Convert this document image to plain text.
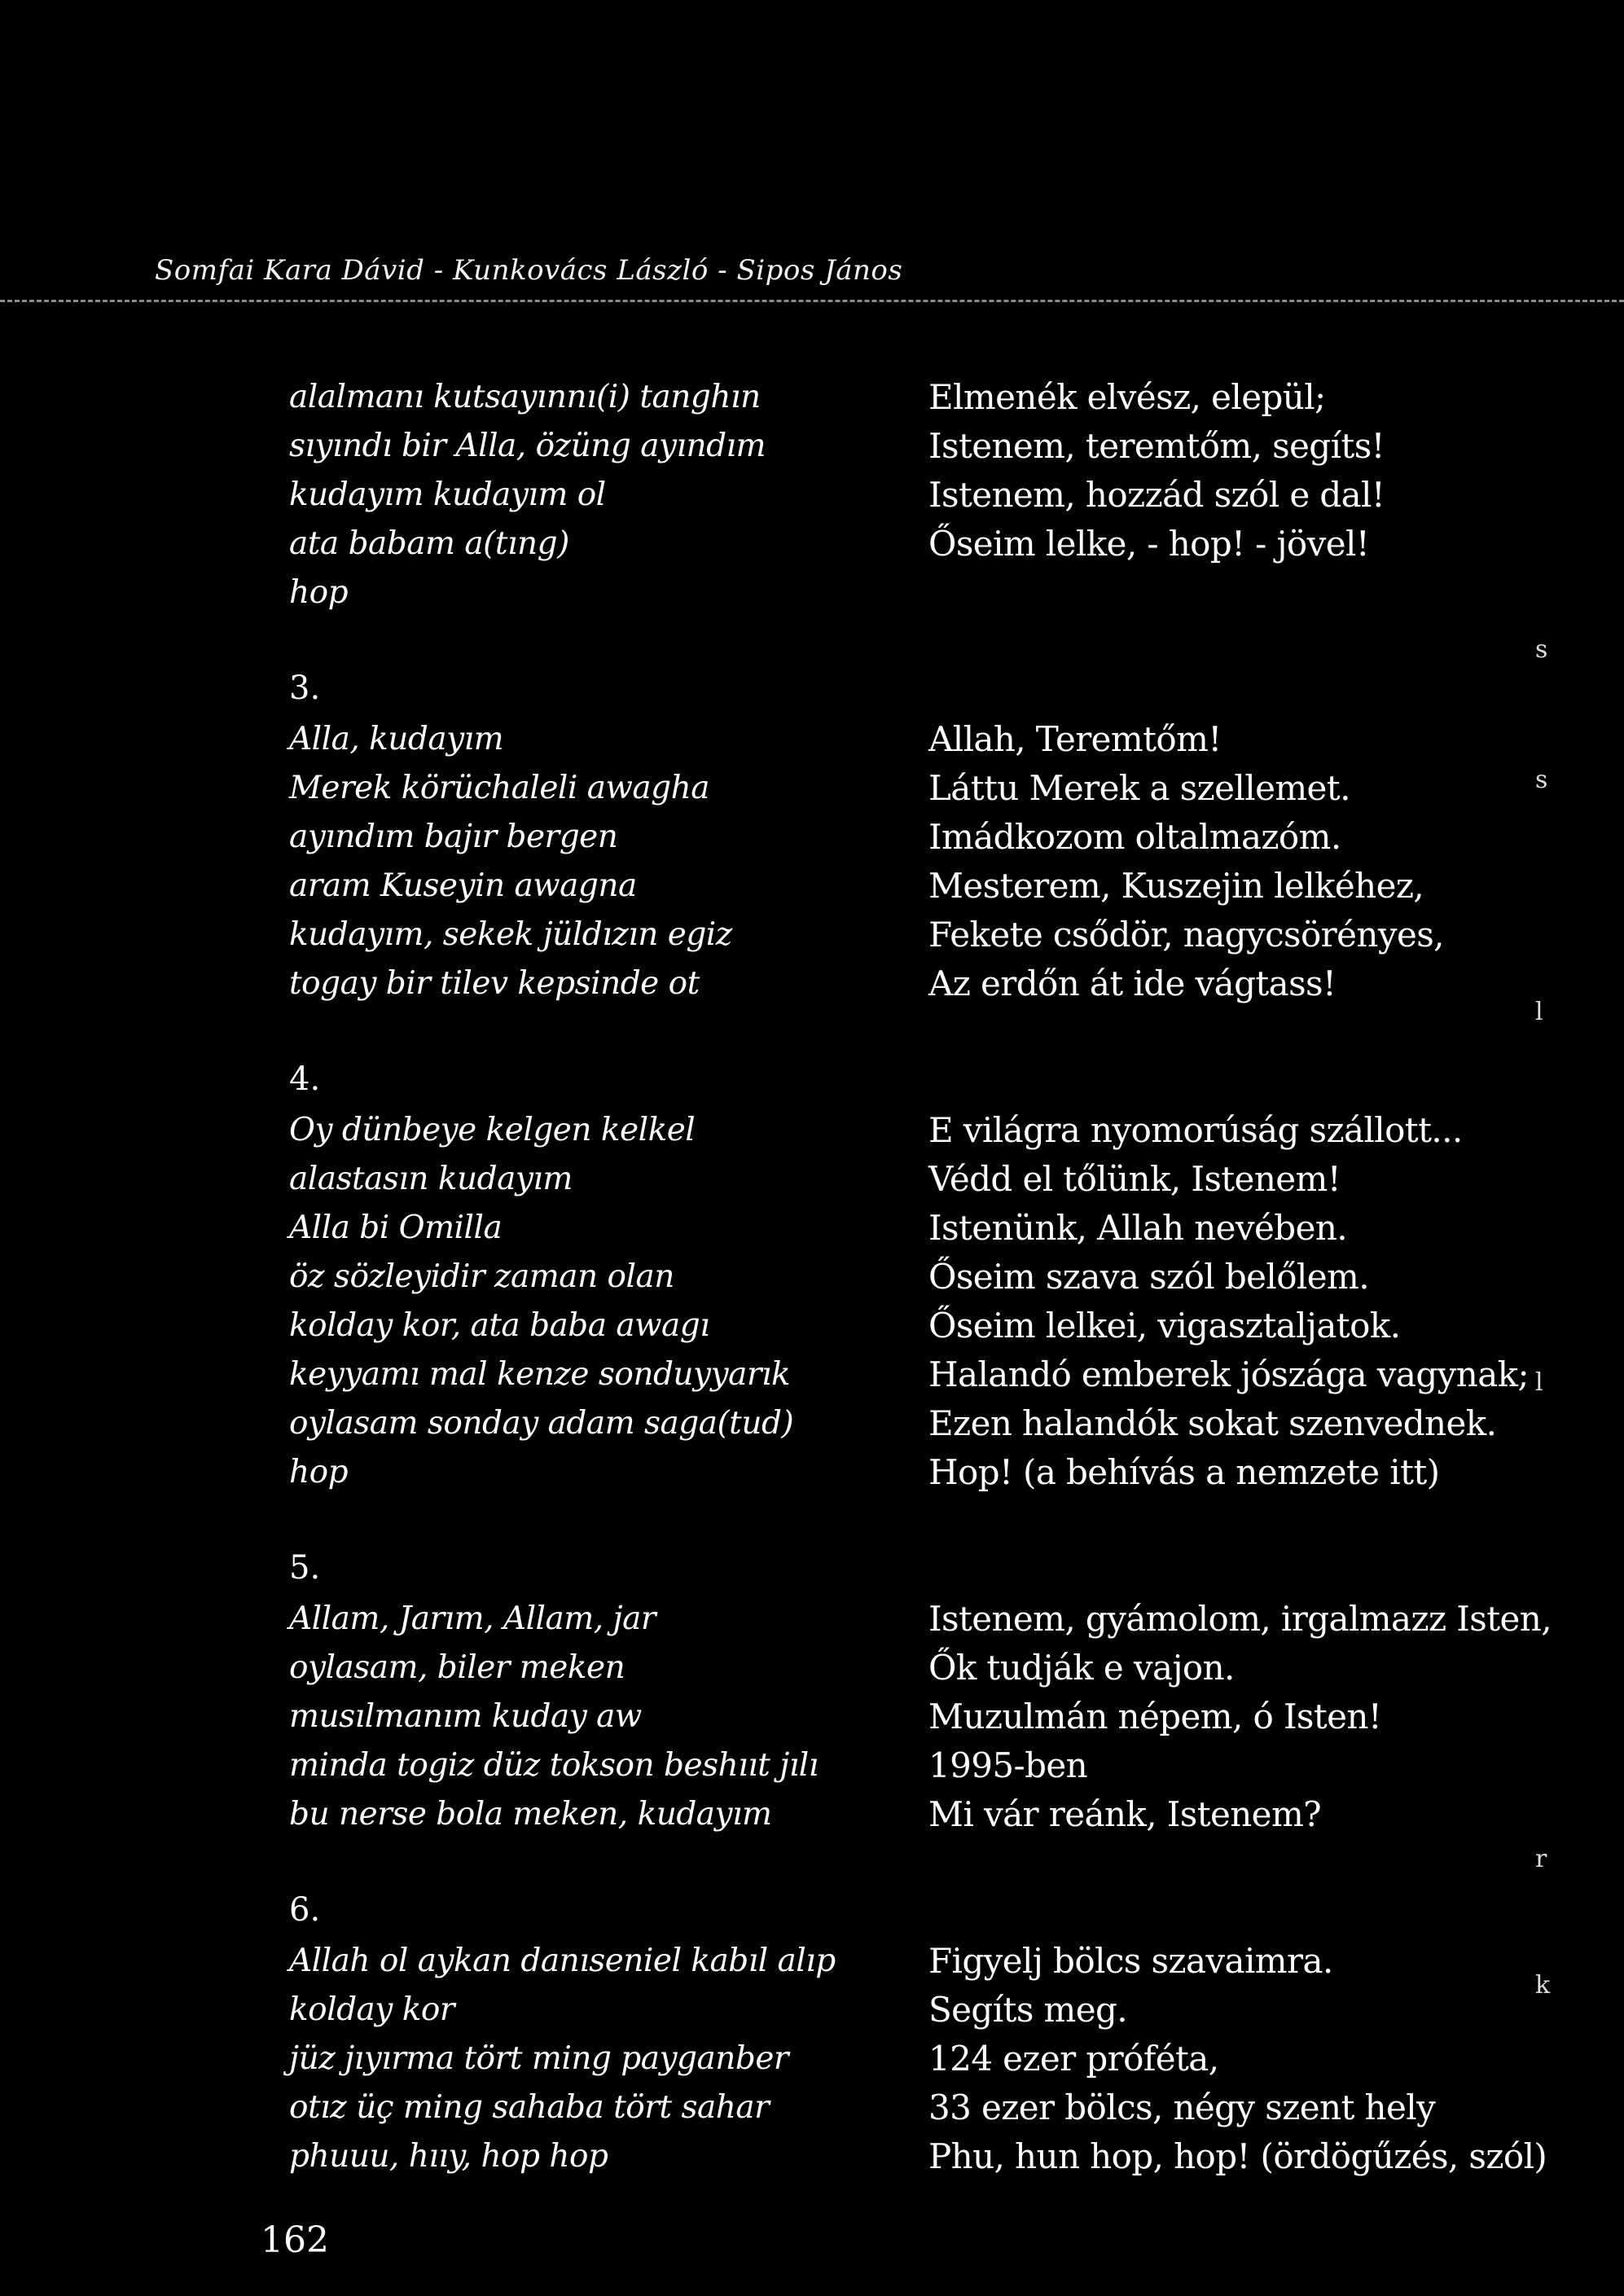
Somfai Kara Dávid - Kunkovács László - Sipos János
alalmanı kutsayınnı(i) tanghın
sıyındı bir Alla, özüng ayındım
kudayım kudayım ol
ata babam a(tıng)
hop
Elmenék elvész, elepül;
Istenem, teremtőm, segíts!
Istenem, hozzád szól e dal!
Őseim lelke, - hop! - jövel!
3.
Alla, kudayım
Merek körüchaleli awagha
ayındım bajır bergen
aram Kuseyin awagna
kudayım, sekek jüldızın egiz
togay bir tilev kepsinde ot
Allah, Teremtőm!
Láttu Merek a szellemet.
Imádkozom oltalmazóm.
Mesterem, Kuszejin lelkéhez,
Fekete csődör, nagycsörényes,
Az erdőn át ide vágtass!
4.
Oy dünbeye kelgen kelkel
alastasın kudayım
Alla bi Omilla
öz sözleyidir zaman olan
kolday kor, ata baba awagı
keyyamı mal kenze sonduyyarık
oylasam sonday adam saga(tud)
hop
E világra nyomorúság szállott...
Védd el tőlünk, Istenem!
Istenünk, Allah nevében.
Őseim szava szól belőlem.
Őseim lelkei, vigasztaljatok.
Halandó emberek jószága vagynak;
Ezen halandók sokat szenvednek.
Hop! (a behívás a nemzete itt)
5.
Allam, Jarım, Allam, jar
oylasam, biler meken
musılmanım kuday aw
minda togiz düz tokson beshııt jılı
bu nerse bola meken, kudayım
Istenem, gyámolom, irgalmazz Isten,
Ők tudják e vajon.
Muzulmán népem, ó Isten!
1995-ben
Mi vár reánk, Istenem?
6.
Allah ol aykan danıseniel kabıl alıp
kolday kor
jüz jıyırma tört ming payganber
otız üç ming sahaba tört sahar
phuuu, hııy, hop hop
Figyelj bölcs szavaimra.
Segíts meg.
124 ezer próféta,
33 ezer bölcs, négy szent hely
Phu, hun hop, hop! (ördögűzés, szól)
s
s
l
l
r
k
162
